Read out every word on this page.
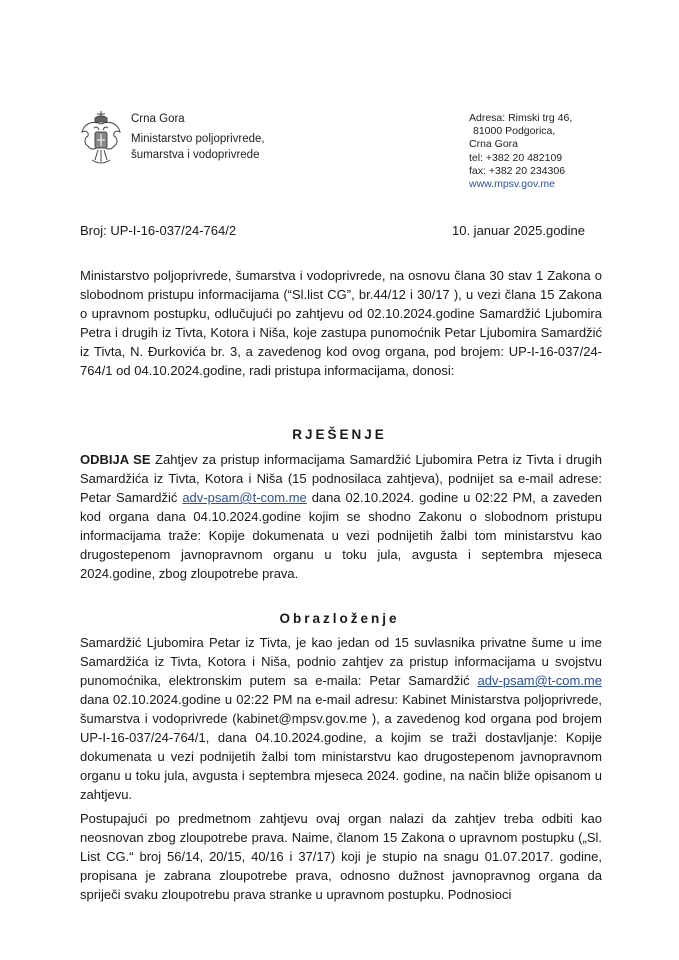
Crna Gora
Ministarstvo poljoprivrede,
šumarstva i vodoprivrede
Adresa: Rimski trg 46,
81000 Podgorica,
Crna Gora
tel: +382 20 482109
fax: +382 20 234306
www.mpsv.gov.me
Broj: UP-I-16-037/24-764/2	10. januar 2025.godine

Ministarstvo poljoprivrede, šumarstva i vodoprivrede, na osnovu člana 30 stav 1 Zakona o slobodnom pristupu informacijama (“Sl.list CG”, br.44/12 i 30/17 ), u vezi člana 15 Zakona o upravnom postupku, odlučujući po zahtjevu od 02.10.2024.godine Samardžić Ljubomira Petra i drugih iz Tivta, Kotora i Niša, koje zastupa punomoćnik Petar Ljubomira Samardžić iz Tivta, N. Đurkovića br. 3, a zavedenog kod ovog organa, pod brojem: UP-I-16-037/24-764/1 od 04.10.2024.godine, radi pristupa informacijama, donosi:

RJEŠENJE

ODBIJA SE Zahtjev za pristup informacijama Samardžić Ljubomira Petra iz Tivta i drugih Samardžića iz Tivta, Kotora i Niša (15 podnosilaca zahtjeva), podnijet sa e-mail adrese: Petar Samardžić adv-psam@t-com.me dana 02.10.2024. godine u 02:22 PM, a zaveden kod organa dana 04.10.2024.godine kojim se shodno Zakonu o slobodnom pristupu informacijama traže: Kopije dokumenata u vezi podnijetih žalbi tom ministarstvu kao drugostepenom javnopravnom organu u toku jula, avgusta i septembra mjeseca 2024.godine, zbog zloupotrebe prava.

Obrazloženje

Samardžić Ljubomira Petar iz Tivta, je kao jedan od 15 suvlasnika privatne šume u ime Samardžića iz Tivta, Kotora i Niša, podnio zahtjev za pristup informacijama u svojstvu punomoćnika, elektronskim putem sa e-maila: Petar Samardžić adv-psam@t-com.me dana 02.10.2024.godine u 02:22 PM na e-mail adresu: Kabinet Ministarstva poljoprivrede, šumarstva i vodoprivrede (kabinet@mpsv.gov.me ), a zavedenog kod organa pod brojem UP-I-16-037/24-764/1, dana 04.10.2024.godine, a kojim se traži dostavljanje: Kopije dokumenata u vezi podnijetih žalbi tom ministarstvu kao drugostepenom javnopravnom organu u toku jula, avgusta i septembra mjeseca 2024. godine, na način bliže opisanom u zahtjevu.

Postupajući po predmetnom zahtjevu ovaj organ nalazi da zahtjev treba odbiti kao neosnovan zbog zloupotrebe prava. Naime, članom 15 Zakona o upravnom postupku („Sl. List CG.“ broj 56/14, 20/15, 40/16 i 37/17) koji je stupio na snagu 01.07.2017. godine, propisana je zabrana zloupotrebe prava, odnosno dužnost javnopravnog organa da spriječi svaku zloupotrebu prava stranke u upravnom postupku. Podnosioci
